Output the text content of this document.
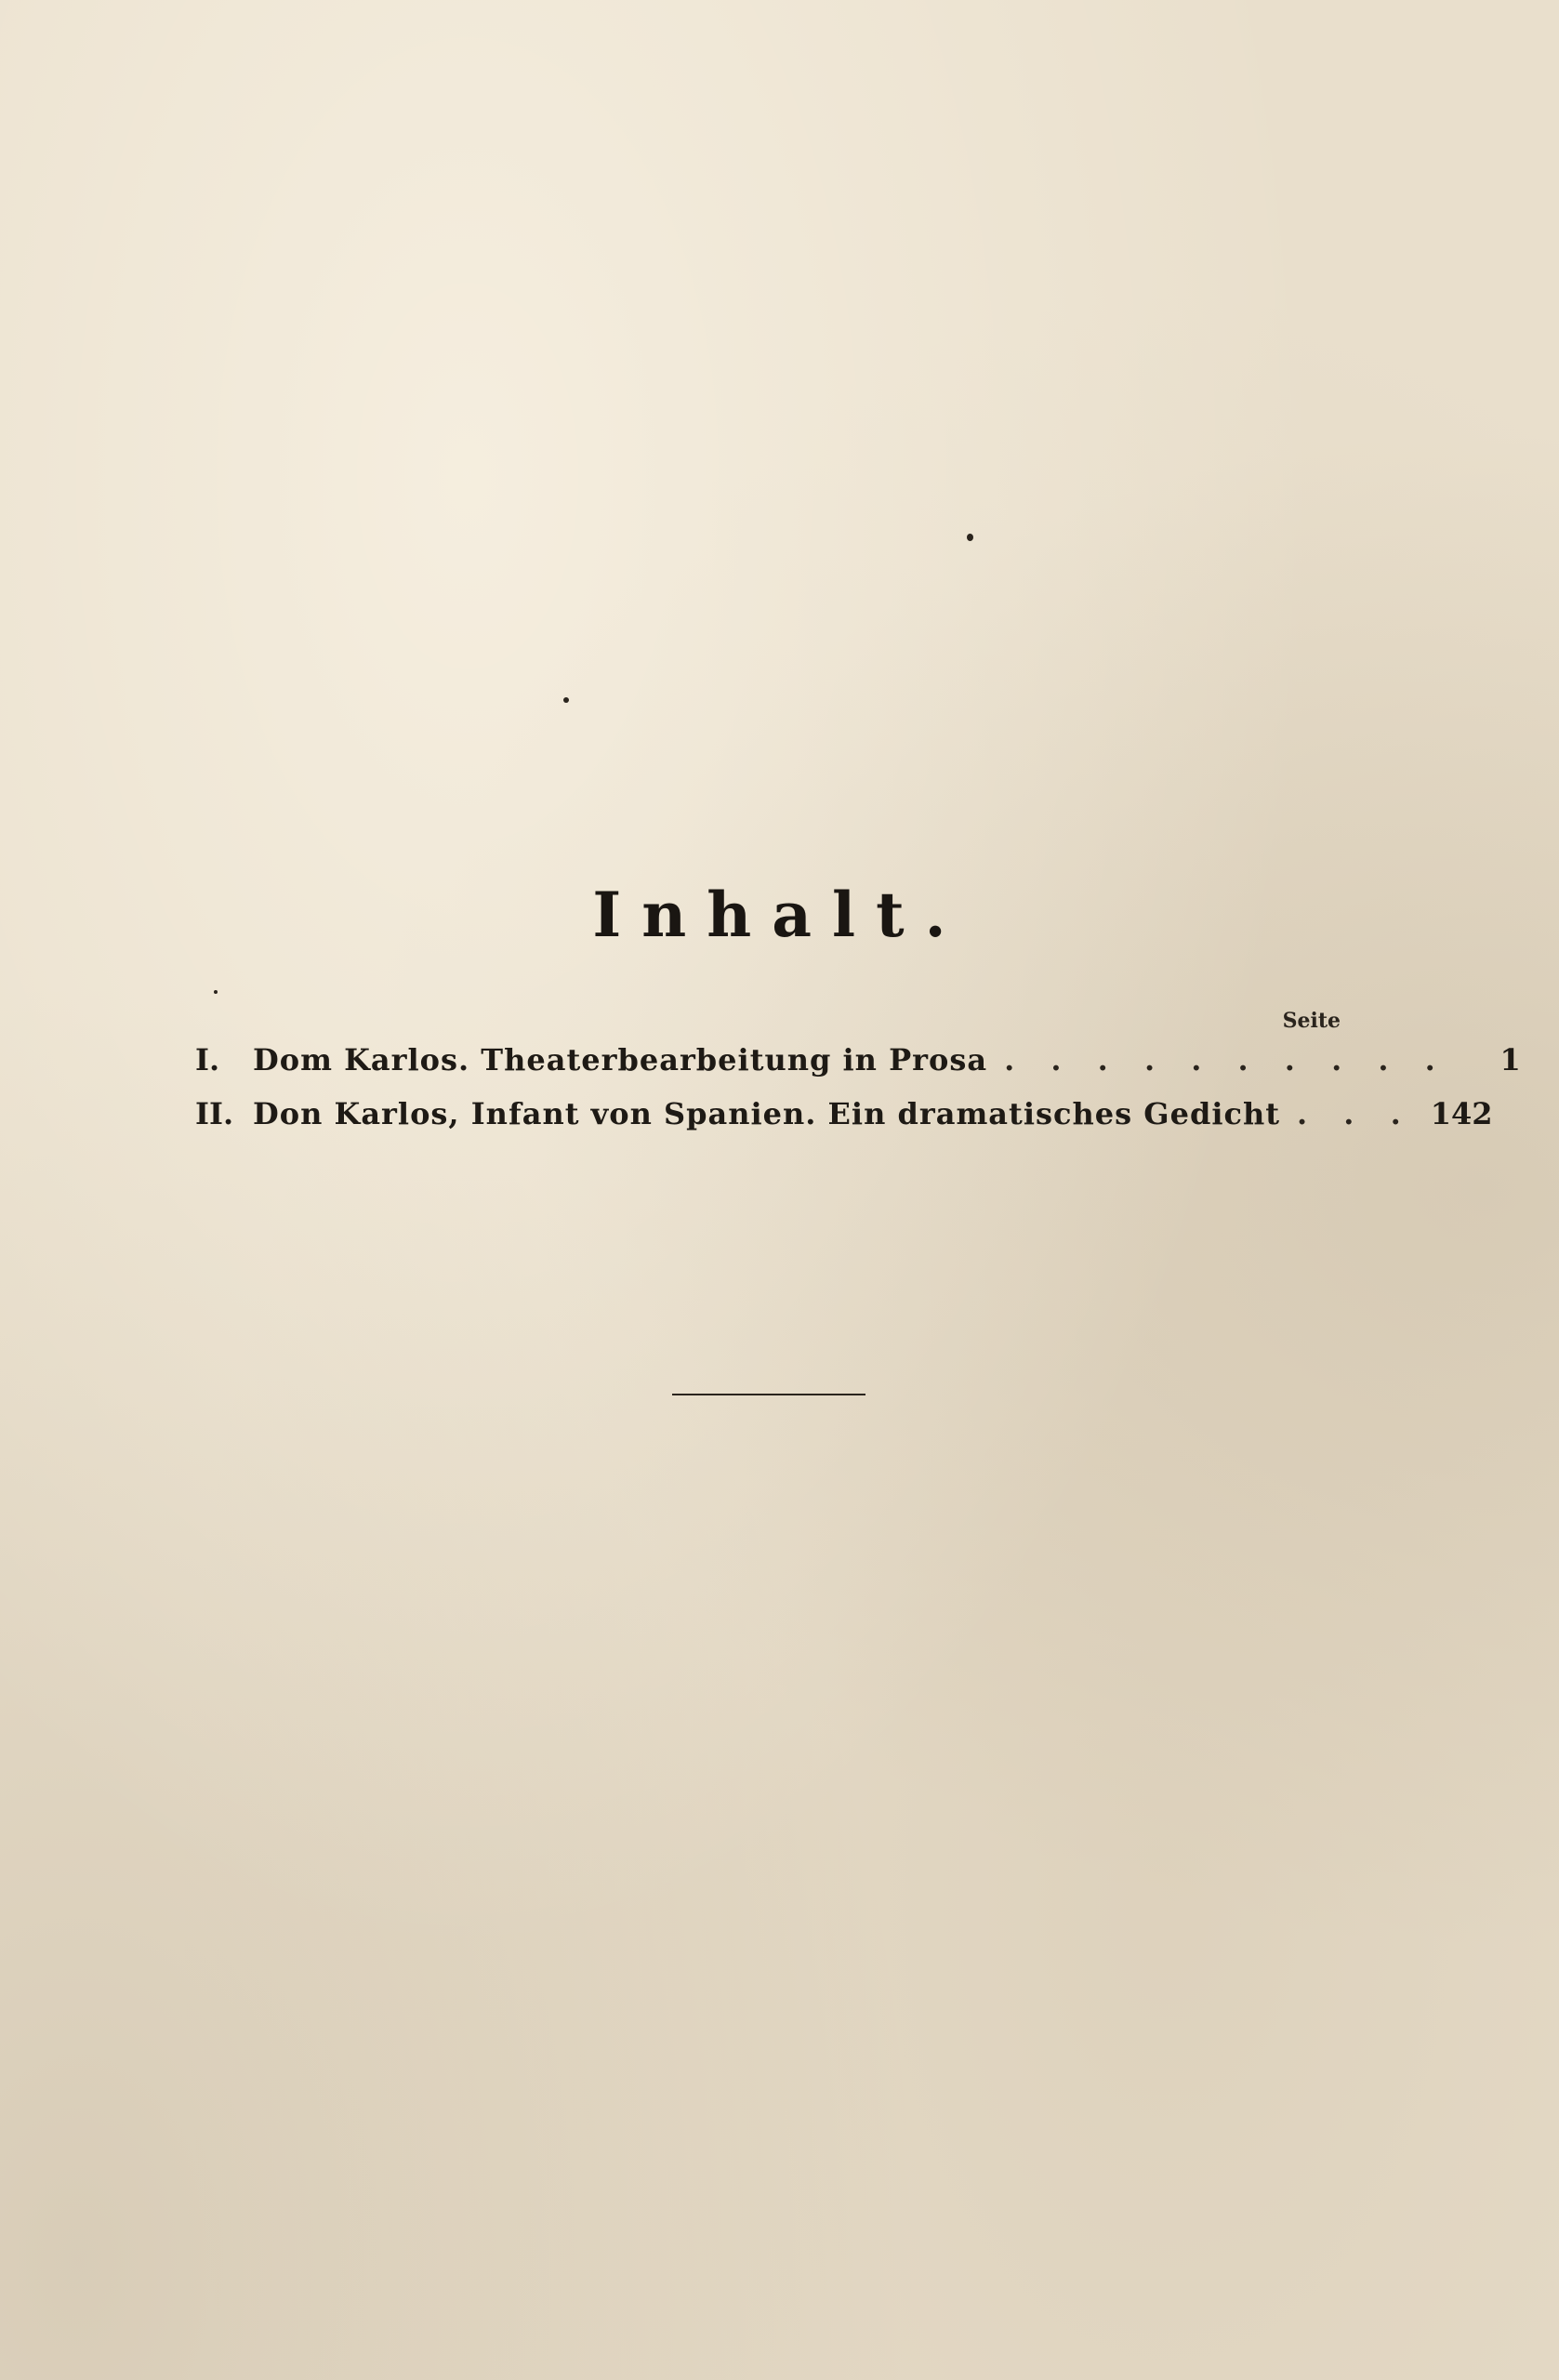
Inhalt.
Seite
I.	Dom Karlos. Theaterbearbeitung in Prosa . . . . . . . . . .	1
II. Don Karlos, Infant von Spanien. Ein dramatisches Gedicht . . . 142
